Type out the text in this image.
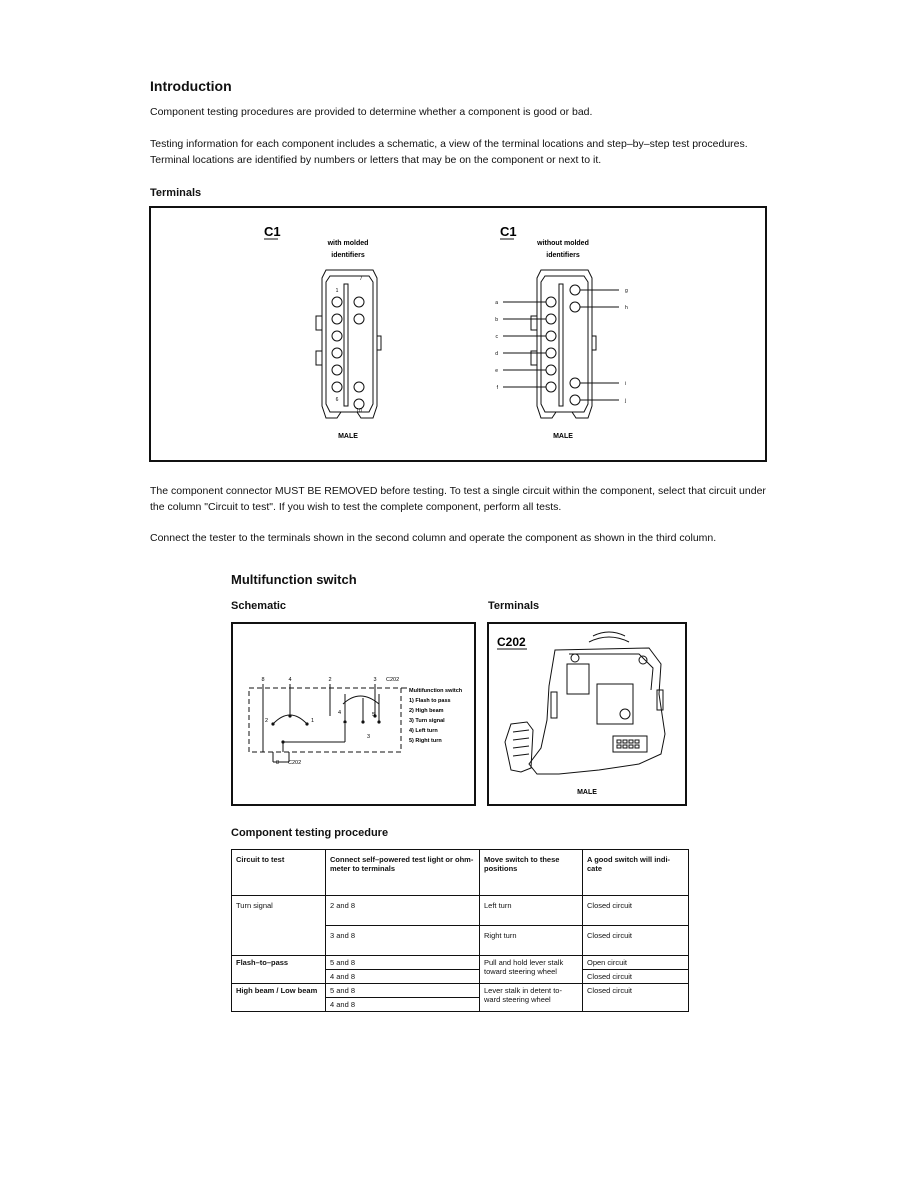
Introduction

Component testing procedures are provided to determine whether a component is good or bad.

Testing information for each component includes a schematic, a view of the terminal locations and step–by–step test procedures. Terminal locations are identified by numbers or letters that may be on the component or next to it.

Terminals
C1
with molded
identifiers
1
7
6
10
MALE
C1
without molded
identifiers
a
b
c
d
e
f
g
h
i
j
MALE

The component connector MUST BE REMOVED before testing. To test a single circuit within the component, select that circuit under the column "Circuit to test". If you wish to test the complete component, perform all tests.

Connect the tester to the terminals shown in the second column and operate the component as shown in the third column.

Multifunction switch
Schematic	Terminals
8	4	2	3 C202
2	1
4	5
3
8 C202
Multifunction switch
1) Flash to pass
2) High beam
3) Turn signal
4) Left turn
5) Right turn
C202
MALE
Component testing procedure
Circuit to test	Connect self–powered test light or ohm-meter to terminals	Move switch to these positions	A good switch will indi-cate
Turn signal	2 and 8	Left turn	Closed circuit
	3 and 8	Right turn	Closed circuit
Flash–to–pass	5 and 8	Pull and hold lever stalk toward steering wheel	Open circuit
	4 and 8		Closed circuit
High beam / Low beam	5 and 8	Lever stalk in detent to-ward steering wheel	Closed circuit
	4 and 8		
